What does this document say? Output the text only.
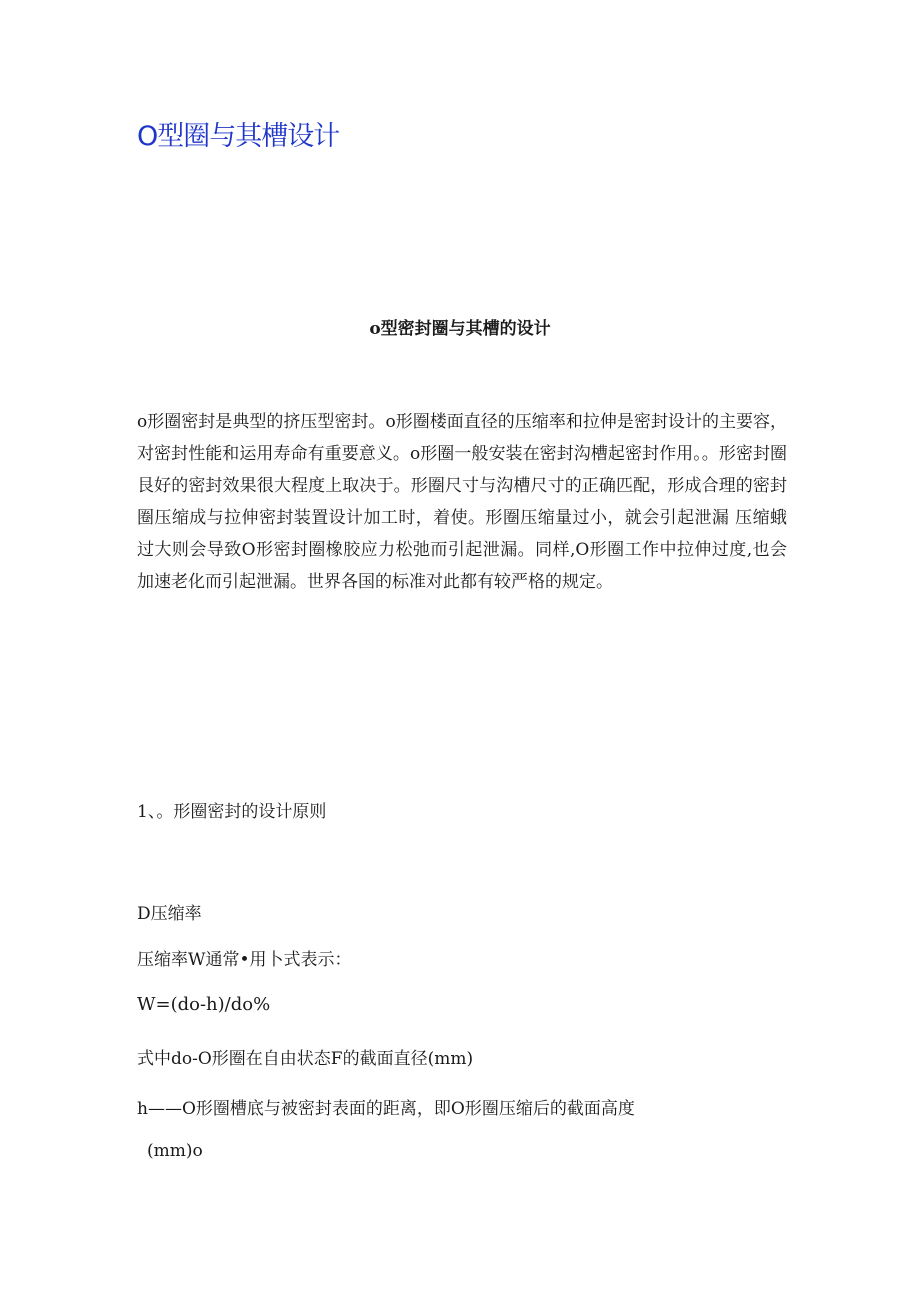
O型圈与其槽设计
o型密封圈与其槽的设计

o形圈密封是典型的挤压型密封。o形圈楼面直径的压缩率和拉伸是密封设计的主要容，对密封性能和运用寿命有重要意义。o形圈一般安装在密封沟槽起密封作用。。形密封圈艮好的密封效果很大程度上取决于。形圈尺寸与沟槽尺寸的正确匹配，形成合理的密封圈压缩成与拉伸密封装置设计加工时，着使。形圈压缩量过小，就会引起泄漏 压缩蛾过大则会导致O形密封圈橡胶应力松弛而引起泄漏。同样,O形圈工作中拉伸过度,也会加速老化而引起泄漏。世界各国的标准对此都有较严格的规定。

1、。形圈密封的设计原则

D压缩率

压缩率W通常•用卜式表示：

W=(do-h)/do%

式中do-O形圈在自由状态F的截面直径(mm)

h——O形圈槽底与被密封表面的距离，即O形圈压缩后的截面高度

(mm)o
